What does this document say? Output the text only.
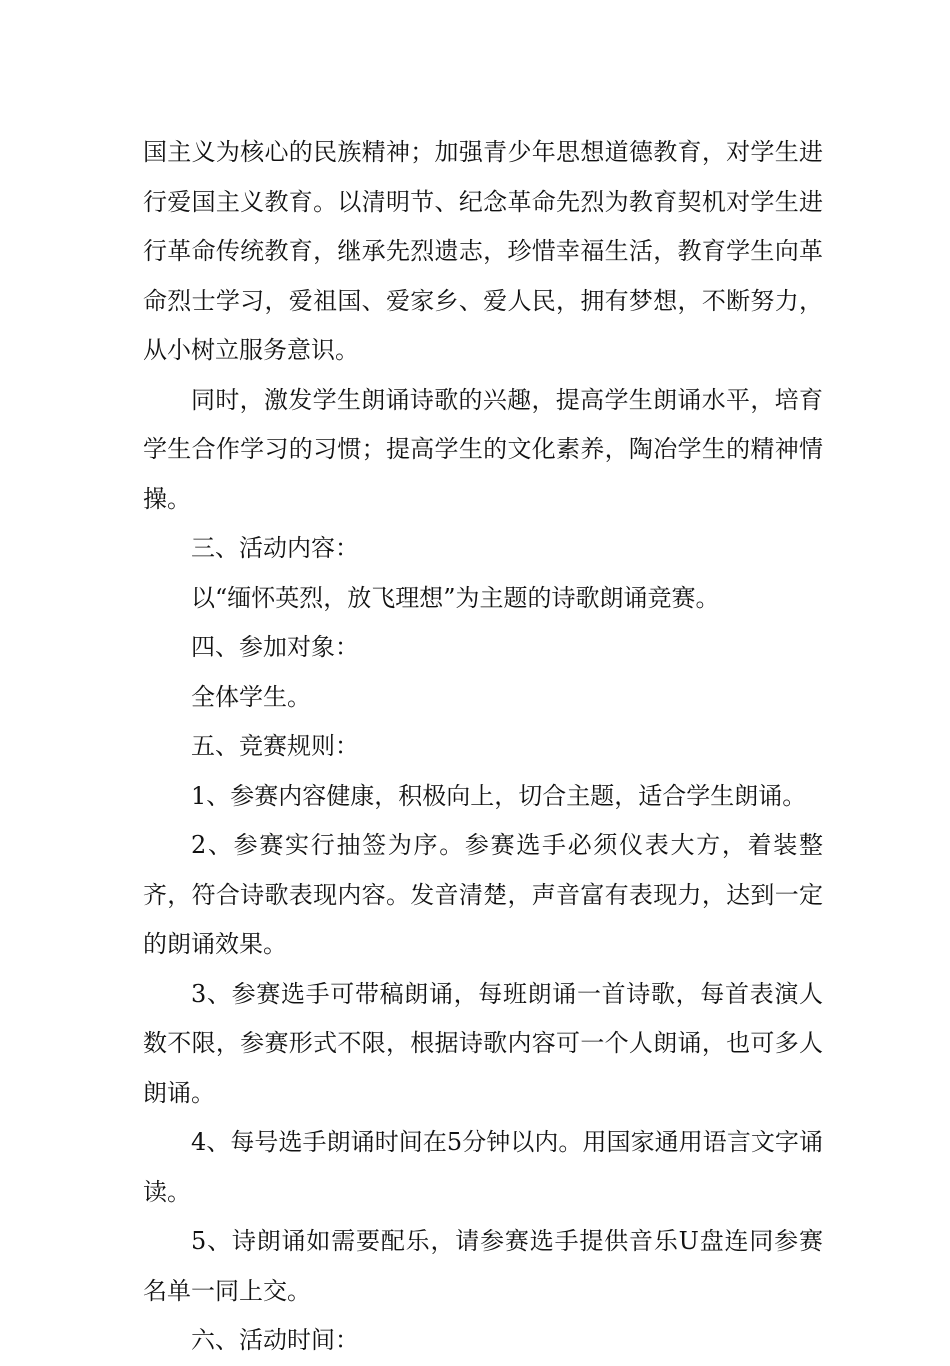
国主义为核心的民族精神；加强青少年思想道德教育，对学生进行爱国主义教育。以清明节、纪念革命先烈为教育契机对学生进行革命传统教育，继承先烈遗志，珍惜幸福生活，教育学生向革命烈士学习，爱祖国、爱家乡、爱人民，拥有梦想，不断努力，从小树立服务意识。

同时，激发学生朗诵诗歌的兴趣，提高学生朗诵水平，培育学生合作学习的习惯；提高学生的文化素养，陶冶学生的精神情操。

三、活动内容：

以“缅怀英烈，放飞理想”为主题的诗歌朗诵竞赛。

四、参加对象：

全体学生。

五、竞赛规则：

1、参赛内容健康，积极向上，切合主题，适合学生朗诵。

2、参赛实行抽签为序。参赛选手必须仪表大方，着装整齐，符合诗歌表现内容。发音清楚，声音富有表现力，达到一定的朗诵效果。

3、参赛选手可带稿朗诵，每班朗诵一首诗歌，每首表演人数不限，参赛形式不限，根据诗歌内容可一个人朗诵，也可多人朗诵。

4、每号选手朗诵时间在5分钟以内。用国家通用语言文字诵读。

5、诗朗诵如需要配乐，请参赛选手提供音乐U盘连同参赛名单一同上交。

六、活动时间：
